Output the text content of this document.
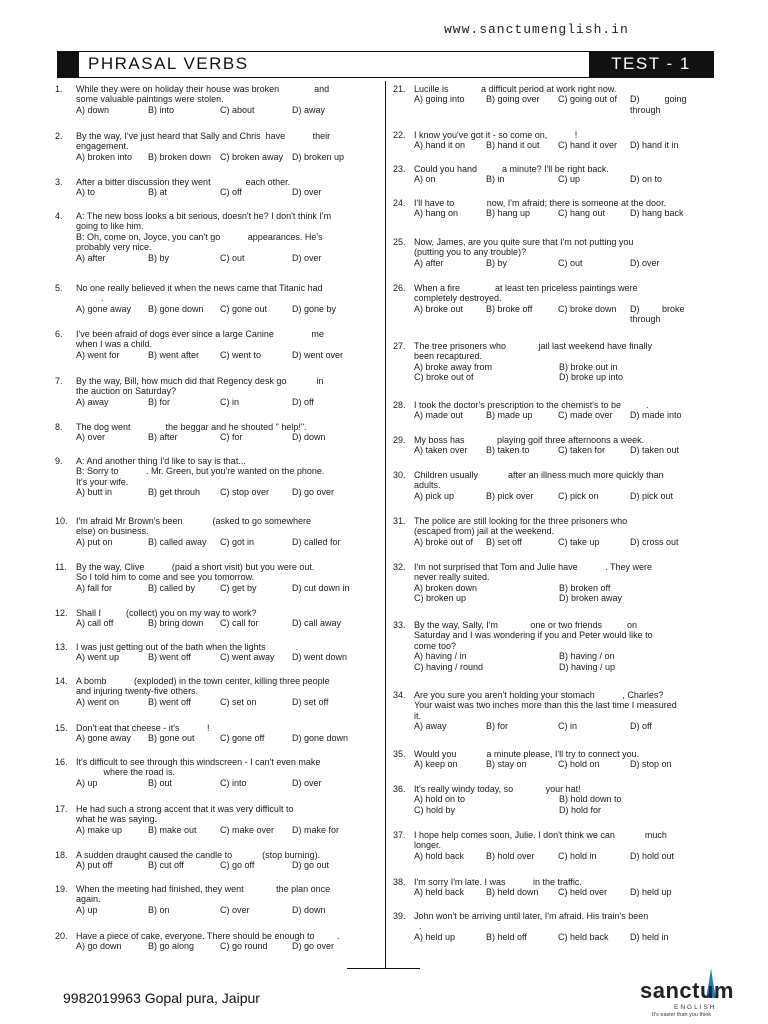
www.sanctumenglish.in
PHRASAL VERBS	TEST - 1
1. While they were on holiday their house was broken              and
some valuable paintings were stolen.
A) down	B) into	C) about	D) away
2. By the way, I've just heard that Sally and Chris  have           their
engagement.
A) broken into	B) broken down C) broken away D) broken up
3. After a bitter discussion they went              each other.
A) to	B) at	C) off	D) over
4. A: The new boss looks a bit serious, doesn't he? I don't think I'm
going to like him.
B: Oh, come on, Joyce, you can't go           appearances. He's
probably very nice.
A) after	B) by	C) out	D) over
5. No one really believed it when the news came that Titanic had
.
A) gone away	B) gone down	C) gone out	D) gone by
6. I've been afraid of dogs ever since a large Canine               me
when I was a child.
A) went for	B) went after	C) went to	D) went over
7. By the way, Bill, how much did that Regency desk go            in
the auction on Saturday?
A) away	B) for	C) in	D) off
8. The dog went              the beggar and he shouted " help!".
A) over	B) after	C) for	D) down
9. A: And another thing I'd like to say is that...
B: Sorry to           . Mr. Green, but you're wanted on the phone.
It's your wife.
A) butt in	B) get throuh	C) stop over	D) go over
10. I'm afraid Mr Brown's been            (asked to go somewhere
else) on business.
A) put on	B) called away	C) got in	D) called for
11. By the way, Clive           (paid a short visit) but you were out.
So I told him to come and see you tomorrow.
A) fall for	B) called by	C) get by	D) cut down in
12. Shall I          (collect) you on my way to work?
A) call off	B) bring down	C) call for	D) call away
13. I was just getting out of the bath when the lights            .
A) went up	B) went off	C) went away	D) went down
14. A bomb           (exploded) in the town center, killing three people
and injuring twenty-five others.
A) went on	B) went off	C) set on	D) set off
15. Don't eat that cheese - it's           !
A) gone away	B) gone out	C) gone off	D) gone down
16. It's difficult to see through this windscreen - I can't even make
where the road is.
A) up	B) out	C) into	D) over
17. He had such a strong accent that it was very difficult to
what he was saying.
A) make up	B) make out	C) make over	D) make for
18. A sudden draught caused the candle to            (stop burning).
A) put off	B) cut off	C) go off	D) go out
19. When the meeting had finished, they went             the plan once
again.
A) up	B) on	C) over	D) down
20. Have a piece of cake, everyone. There should be enough to         .
A) go down	B) go along	C) go round	D) go over
21. Lucille is             a difficult period at work right now.
A) going into	B) going over	C) going out of	D)          going
through
22. I know you've got it - so come on,           !
A) hand it on	B) hand it out	C) hand it over	D) hand it in
23. Could you hand          a minute? I'll be right back.
A) on	B) in	C) up	D) on to
24. I'll have to             now, I'm afraid; there is someone at the door.
A) hang on	B) hang up	C) hang out	D) hang back
25. Now, James, are you quite sure that I'm not putting you
(putting you to any trouble)?
A) after	B) by	C) out	D) over
26. When a fire              at least ten priceless paintings were
completely destroyed.
A) broke out	B) broke off	C) broke down	D)         broke
through
27. The tree prisoners who             jail last weekend have finally
been recaptured.
A) broke away from	B) broke out in
C) broke out of	D) broke up into
28. I took the doctor's prescription to the chemist's to be          .
A) made out	B) made up	C) made over	D) made into
29. My boss has             playing golf three afternoons a week.
A) taken over	B) taken to	C) taken for	D) taken out
30. Children usually            after an illness much more quickly than
adults.
A) pick up	B) pick over	C) pick on	D) pick out
31. The police are still looking for the three prisoners who
(escaped from) jail at the weekend.
A) broke out of	B) set off	C) take up	D) cross out
32. I'm not surprised that Tom and Julie have           . They were
never really suited.
A) broken down	B) broken off
C) broken up	D) broken away
33. By the way, Sally, I'm             one or two friends          on
Saturday and I was wondering if you and Peter would like to
come too?
A) having / in	B) having / on
C) having / round	D) having / up
34. Are you sure you aren't holding your stomach           , Charles?
Your waist was two inches more than this the last time I measured
it.
A) away	B) for	C) in	D) off
35. Would you            a minute please, I'll try to connect you.
A) keep on	B) stay on	C) hold on	D) stop on
36. It's really windy today, so             your hat!
A) hold on to	B) hold down to
C) hold by	D) hold for
37. I hope help comes soon, Julie. I don't think we can            much
longer.
A) hold back	B) hold over	C) hold in	D) hold out
38. I'm sorry I'm late. I was           in the traffic.
A) held back	B) held down	C) held over	D) held up
39. John won't be arriving until later, I'm afraid. His train's been
.
A) held up	B) held off	C) held back	D) held in
9982019963 Gopal pura, Jaipur	sanctum
ENGLISH
It's easier than you think
